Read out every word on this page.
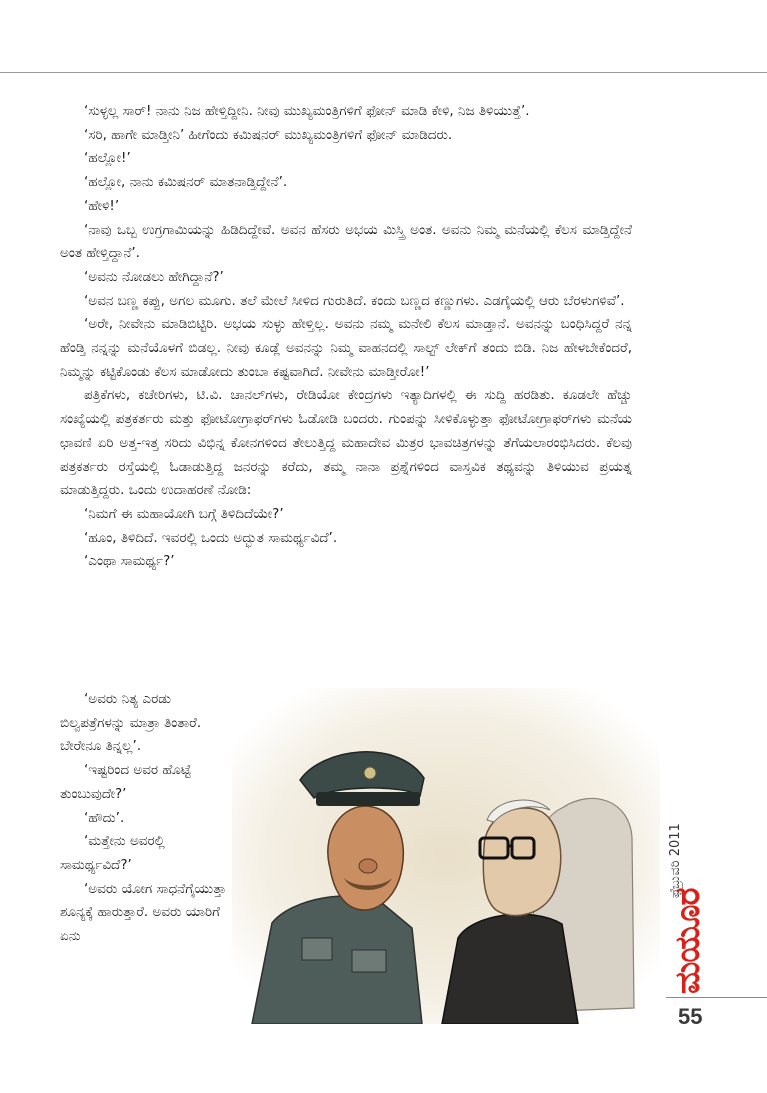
‘ಸುಳ್ಳಲ್ಲ ಸಾರ್! ನಾನು ನಿಜ ಹೇಳ್ತಿದ್ದೀನಿ. ನೀವು ಮುಖ್ಯಮಂತ್ರಿಗಳಿಗೆ ಫೋನ್ ಮಾಡಿ ಕೇಳಿ, ನಿಜ ತಿಳಿಯುತ್ತೆ’.

‘ಸರಿ, ಹಾಗೇ ಮಾಡ್ತೀನಿ’ ಹೀಗೆಂದು ಕಮಿಷನರ್ ಮುಖ್ಯಮಂತ್ರಿಗಳಿಗೆ ಫೋನ್ ಮಾಡಿದರು.

‘ಹಲ್ಲೋ!’

‘ಹಲ್ಲೋ, ನಾನು ಕಮಿಷನರ್ ಮಾತನಾಡ್ತಿದ್ದೇನೆ’.

‘ಹೇಳಿ!’

‘ನಾವು ಒಬ್ಬ ಉಗ್ರಗಾಮಿಯನ್ನು ಹಿಡಿದಿದ್ದೇವೆ. ಅವನ ಹೆಸರು ಅಭಯ ಮಿಸ್ತ್ರಿ ಅಂತ. ಅವನು ನಿಮ್ಮ ಮನೆಯಲ್ಲಿ ಕೆಲಸ ಮಾಡ್ತಿದ್ದೇನೆ ಅಂತ ಹೇಳ್ತಿದ್ದಾನೆ’.

‘ಅವನು ನೋಡಲು ಹೇಗಿದ್ದಾನೆ?’

‘ಅವನ ಬಣ್ಣ ಕಪ್ಪು, ಅಗಲ ಮೂಗು. ತಲೆ ಮೇಲೆ ಸೀಳಿದ ಗುರುತಿದೆ. ಕಂದು ಬಣ್ಣದ ಕಣ್ಣುಗಳು. ಎಡಗೈಯಲ್ಲಿ ಆರು ಬೆರಳುಗಳಿವೆ’.

‘ಅರೇ, ನೀವೇನು ಮಾಡಿಬಿಟ್ಟಿರಿ. ಅಭಯ ಸುಳ್ಳು ಹೇಳ್ತಿಲ್ಲ. ಅವನು ನಮ್ಮ ಮನೇಲಿ ಕೆಲಸ ಮಾಡ್ತಾನೆ. ಅವನನ್ನು ಬಂಧಿಸಿದ್ದರೆ ನನ್ನ ಹೆಂಡ್ತಿ ನನ್ನನ್ನು ಮನೆಯೊಳಗೆ ಬಿಡಲ್ಲ. ನೀವು ಕೂಡ್ಲೆ ಅವನನ್ನು ನಿಮ್ಮ ವಾಹನದಲ್ಲಿ ಸಾಲ್ಟ್ ಲೇಕ್‌ಗೆ ತಂದು ಬಿಡಿ. ನಿಜ ಹೇಳಬೇಕೆಂದರೆ, ನಿಮ್ಮನ್ನು ಕಟ್ಟಿಕೊಂಡು ಕೆಲಸ ಮಾಡೋದು ತುಂಬಾ ಕಷ್ಟವಾಗಿದೆ. ನೀವೇನು ಮಾಡ್ತೀರೋ!’

ಪತ್ರಿಕೆಗಳು, ಕಚೇರಿಗಳು, ಟಿ.ವಿ. ಚಾನಲ್‌ಗಳು, ರೇಡಿಯೋ ಕೇಂದ್ರಗಳು ಇತ್ಯಾದಿಗಳಲ್ಲಿ ಈ ಸುದ್ದಿ ಹರಡಿತು. ಕೂಡಲೇ ಹೆಚ್ಚು ಸಂಖ್ಯೆಯಲ್ಲಿ ಪತ್ರಕರ್ತರು ಮತ್ತು ಫೋಟೋಗ್ರಾಫರ್‌ಗಳು ಓಡೋಡಿ ಬಂದರು. ಗುಂಪನ್ನು ಸೀಳಿಕೊಳ್ಳುತ್ತಾ ಫೋಟೋಗ್ರಾಫರ್‌ಗಳು ಮನೆಯ ಛಾವಣಿ ಏರಿ ಅತ್ತ-ಇತ್ತ ಸರಿದು ವಿಭಿನ್ನ ಕೋನಗಳಿಂದ ತೇಲುತ್ತಿದ್ದ ಮಹಾದೇವ ಮಿತ್ರರ ಭಾವಚಿತ್ರಗಳನ್ನು ತೆಗೆಯಲಾರಂಭಿಸಿದರು. ಕೆಲವು ಪತ್ರಕರ್ತರು ರಸ್ತೆಯಲ್ಲಿ ಓಡಾಡುತ್ತಿದ್ದ ಜನರನ್ನು ಕರೆದು, ತಮ್ಮ ನಾನಾ ಪ್ರಶ್ನೆಗಳಿಂದ ವಾಸ್ತವಿಕ ತಥ್ಯವನ್ನು ತಿಳಿಯುವ ಪ್ರಯತ್ನ ಮಾಡುತ್ತಿದ್ದರು. ಒಂದು ಉದಾಹರಣೆ ನೋಡಿ:

‘ನಿಮಗೆ ಈ ಮಹಾಯೋಗಿ ಬಗ್ಗೆ ತಿಳಿದಿದೆಯೇ?’

‘ಹೂಂ, ತಿಳಿದಿದೆ. ಇವರಲ್ಲಿ ಒಂದು ಅದ್ಭುತ ಸಾಮರ್ಥ್ಯವಿದೆ’.

‘ಎಂಥಾ ಸಾಮರ್ಥ್ಯ?’

‘ಅವರು ನಿತ್ಯ ಎರಡು ಬಿಲ್ವಪತ್ರೆಗಳನ್ನು ಮಾತ್ರಾ ತಿಂತಾರೆ. ಬೇರೇನೂ ತಿನ್ನಲ್ಲ’.

‘ಇಷ್ಟರಿಂದ ಅವರ ಹೊಟ್ಟೆ ತುಂಬುವುದೇ?’

‘ಹೌದು’.

‘ಮತ್ತೇನು ಅವರಲ್ಲಿ ಸಾಮರ್ಥ್ಯವಿದೆ?’

‘ಅವರು ಯೋಗ ಸಾಧನೆಗೈಯುತ್ತಾ ಶೂನ್ಯಕ್ಕೆ ಹಾರುತ್ತಾರೆ. ಅವರು ಯಾರಿಗೆ ಏನು

ಫೆಬ್ರುವರಿ 2011
ಮಯೂರ
55
